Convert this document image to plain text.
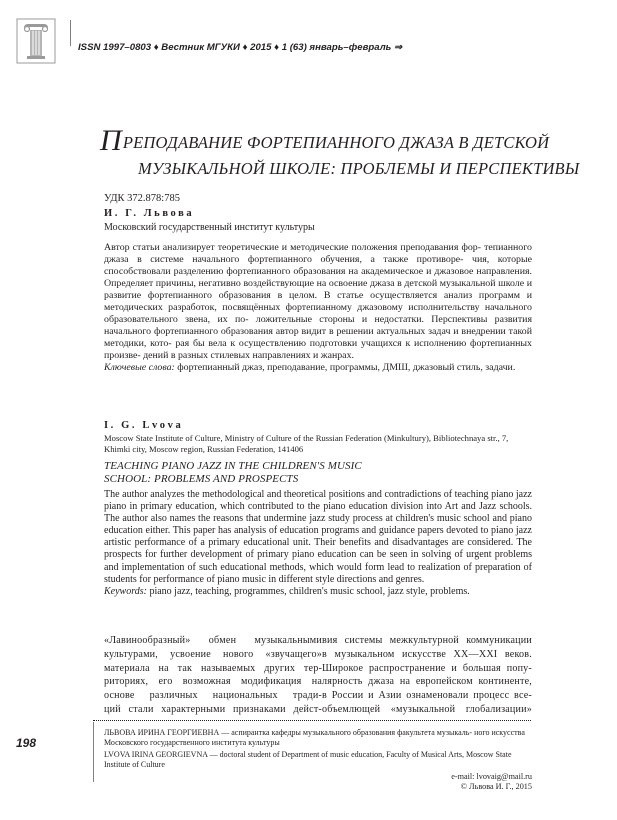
ISSN 1997–0803 ♦ Вестник МГУКИ ♦ 2015 ♦ 1 (63) январь–февраль ⇒
ПРЕПОДАВАНИЕ ФОРТЕПИАННОГО ДЖАЗА В ДЕТСКОЙ
МУЗЫКАЛЬНОЙ ШКОЛЕ: ПРОБЛЕМЫ И ПЕРСПЕКТИВЫ
УДК 372.878:785
И. Г. Львова
Московский государственный институт культуры
Автор статьи анализирует теоретические и методические положения преподавания фор- тепианного джаза в системе начального фортепианного обучения, а также противоре- чия, которые способствовали разделению фортепианного образования на академическое и джазовое направления. Определяет причины, негативно воздействующие на освоение джаза в детской музыкальной школе и развитие фортепианного образования в целом. В статье осуществляется анализ программ и методических разработок, посвящённых фортепианному джазовому исполнительству начального образовательного звена, их по- ложительные стороны и недостатки. Перспективы развития начального фортепианного образования автор видит в решении актуальных задач и внедрении такой методики, кото- рая бы вела к осуществлению подготовки учащихся к исполнению фортепианных произве- дений в разных стилевых направлениях и жанрах.
Ключевые слова: фортепианный джаз, преподавание, программы, ДМШ, джазовый стиль, задачи.
I. G. Lvova
Moscow State Institute of Culture, Ministry of Culture of the Russian Federation (Minkultury), Bibliotechnaya str., 7, Khimki city, Moscow region, Russian Federation, 141406
TEACHING PIANO JAZZ IN THE CHILDREN'S MUSIC
SCHOOL: PROBLEMS AND PROSPECTS
The author analyzes the methodological and theoretical positions and contradictions of teaching piano jazz piano in primary education, which contributed to the piano education division into Art and Jazz schools. The author also names the reasons that undermine jazz study process at children's music school and piano education either. This paper has analysis of education programs and guidance papers devoted to piano jazz artistic performance of a primary educational unit. Their benefits and disadvantages are considered. The prospects for further development of primary piano education can be seen in solving of urgent problems and implementation of such educational methods, which would form lead to realization of preparation of students for performance of piano music in different style directions and genres.
Keywords: piano jazz, teaching, programmes, children's music school, jazz style, problems.
«Лавинообразный» обмен музыкальными
культурами, усвоение нового «звучащего»
материала на так называемых других тер-
риториях, его возможная модификация на
основе различных национальных тради-
ций стали характерными признаками дейст-
вия системы межкультурной коммуникации
в музыкальном искусстве XX—XXI веков.
Широкое распространение и большая попу-
лярность джаза на европейском континенте,
в России и Азии ознаменовали процесс все-
объемлющей «музыкальной глобализации»
198
ЛЬВОВА ИРИНА ГЕОРГИЕВНА — аспирантка кафедры музыкального образования факультета музыкаль- ного искусства Московского государственного института культуры
LVOVA IRINA GEORGIEVNA — doctoral student of Department of music education, Faculty of Musical Arts, Moscow State Institute of Culture
e-mail: lvovaig@mail.ru
© Львова И. Г., 2015
